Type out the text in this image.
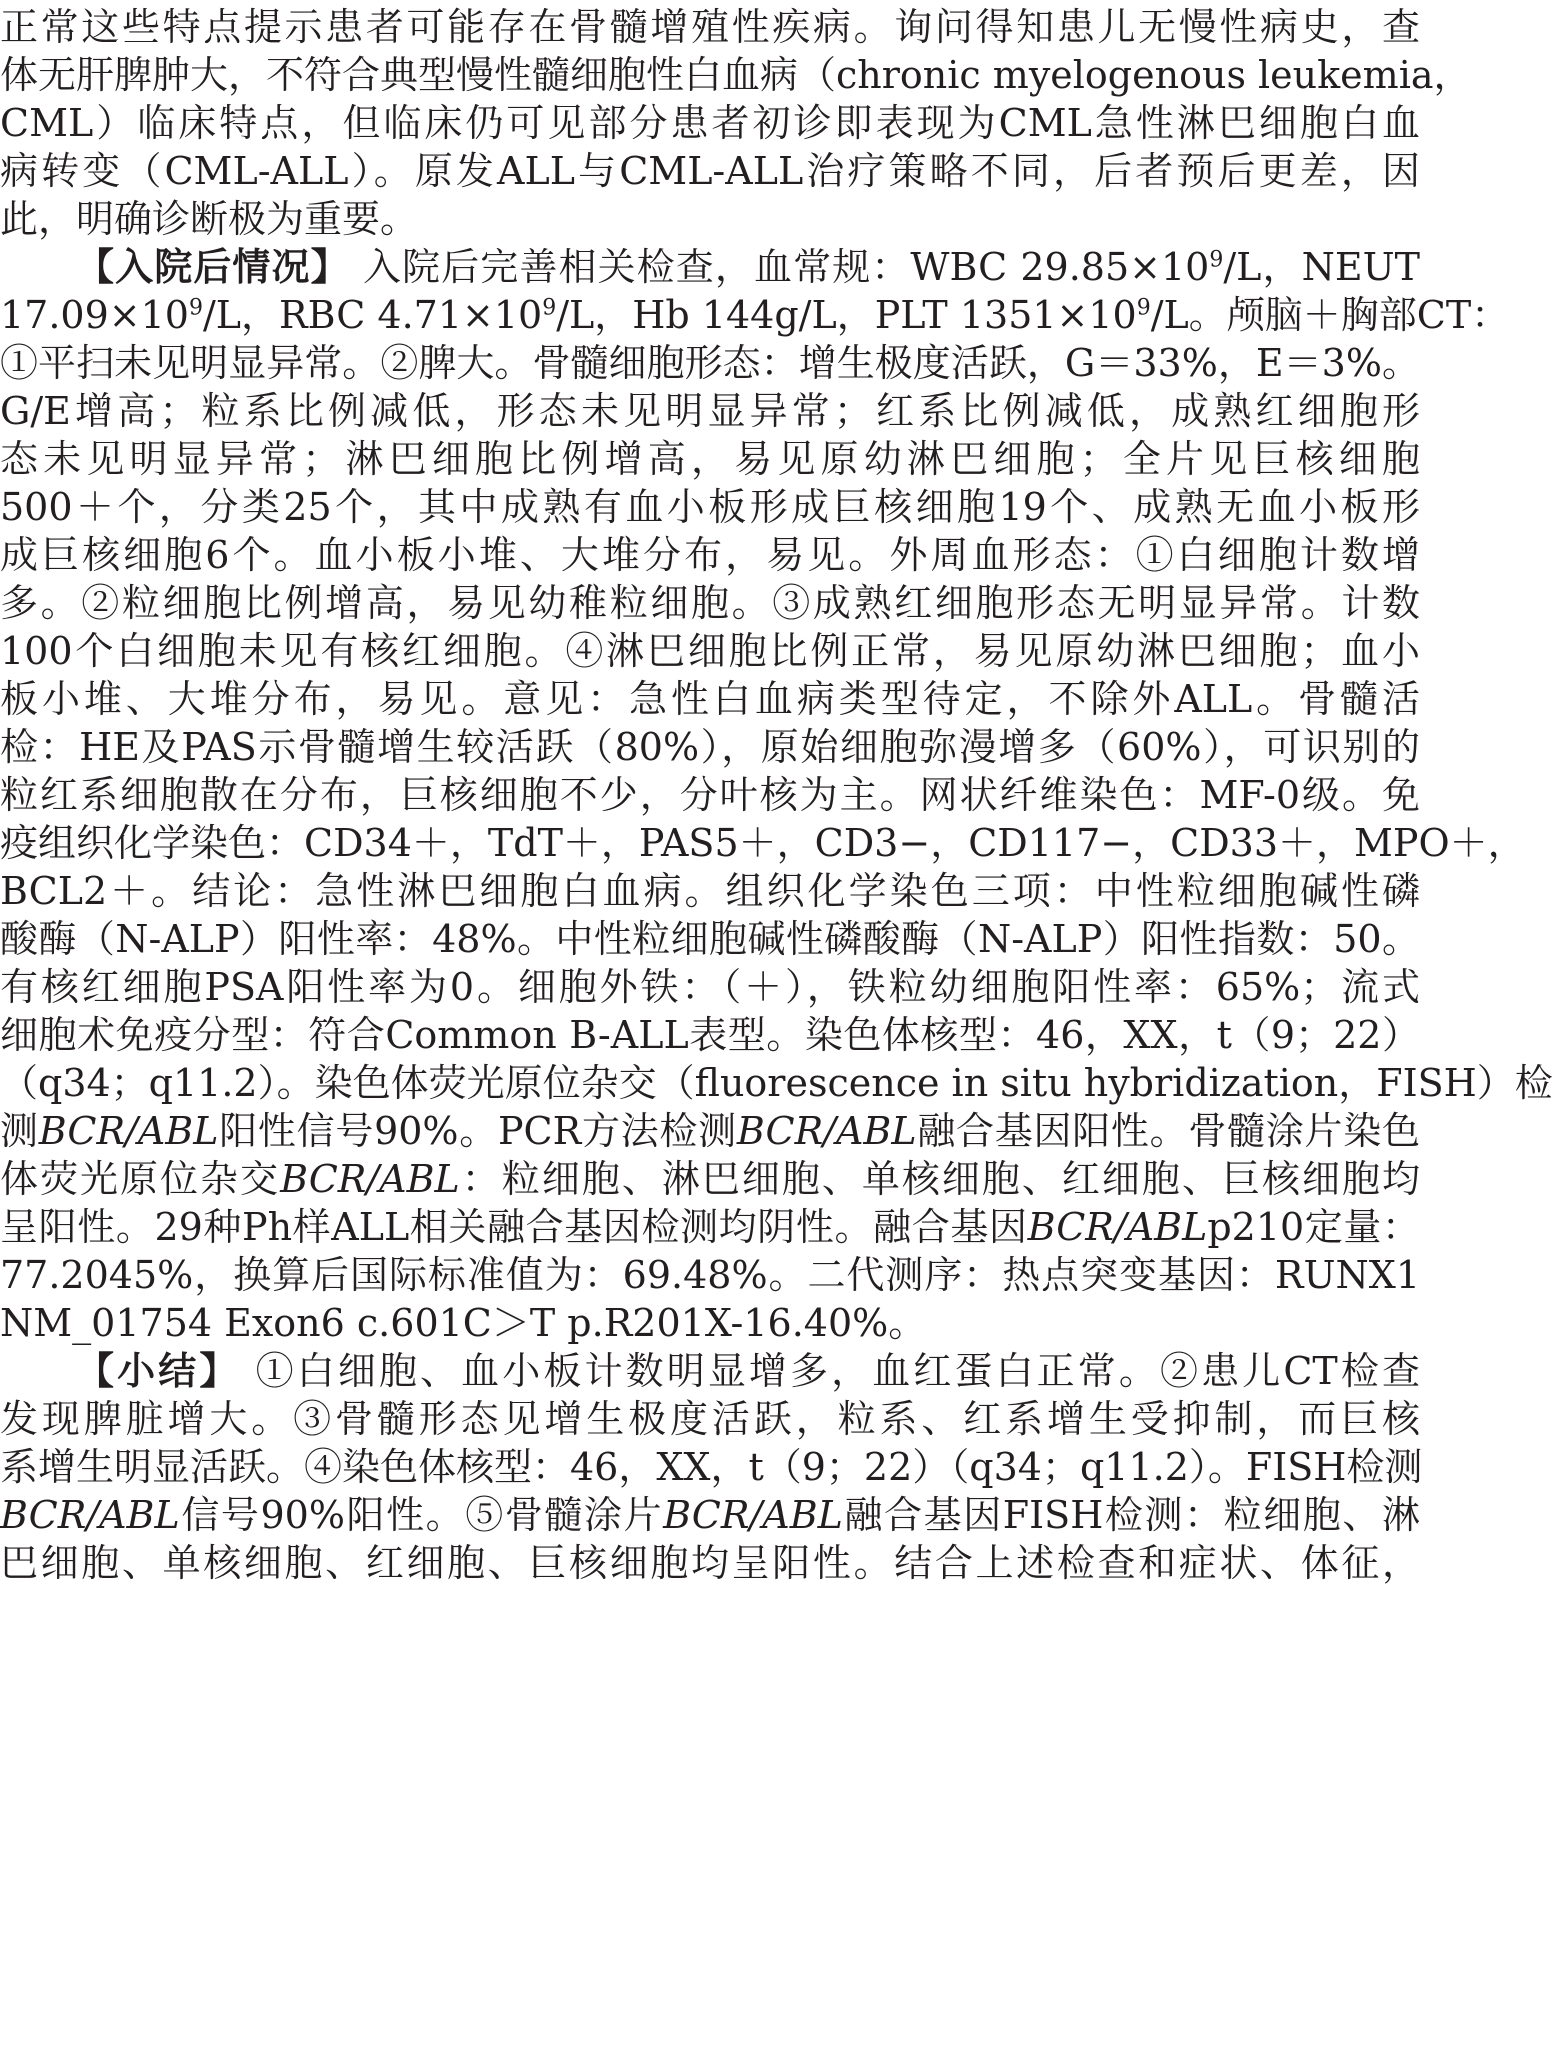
正常这些特点提示患者可能存在骨髓增殖性疾病。询问得知患儿无慢性病史，查
体无肝脾肿大，不符合典型慢性髓细胞性白血病（chronic myelogenous leukemia，
CML）临床特点，但临床仍可见部分患者初诊即表现为CML急性淋巴细胞白血
病转变（CML-ALL）。原发ALL与CML-ALL治疗策略不同，后者预后更差，因
此，明确诊断极为重要。
【入院后情况】 入院后完善相关检查，血常规：WBC $29.85\times 10^9/L$，NEUT
$17.09\times 10^9/L$，RBC $4.71\times 10^9/L$，Hb 144g/L，PLT $1351\times 10^9/L$。颅脑＋胸部CT：
①平扫未见明显异常。②脾大。骨髓细胞形态：增生极度活跃，G＝33%，E＝3%。
G/E增高；粒系比例减低，形态未见明显异常；红系比例减低，成熟红细胞形
态未见明显异常；淋巴细胞比例增高，易见原幼淋巴细胞；全片见巨核细胞
500＋个，分类25个，其中成熟有血小板形成巨核细胞19个、成熟无血小板形
成巨核细胞6个。血小板小堆、大堆分布，易见。外周血形态：①白细胞计数增
多。②粒细胞比例增高，易见幼稚粒细胞。③成熟红细胞形态无明显异常。计数
100个白细胞未见有核红细胞。④淋巴细胞比例正常，易见原幼淋巴细胞；血小
板小堆、大堆分布，易见。意见：急性白血病类型待定，不除外ALL。骨髓活
检：HE及PAS示骨髓增生较活跃（80%），原始细胞弥漫增多（60%），可识别的
粒红系细胞散在分布，巨核细胞不少，分叶核为主。网状纤维染色：MF-0级。免
疫组织化学染色：CD34＋，TdT＋，PAS5＋，CD3−，CD117−，CD33＋，MPO＋，
BCL2＋。结论：急性淋巴细胞白血病。组织化学染色三项：中性粒细胞碱性磷
酸酶（N-ALP）阳性率：48%。中性粒细胞碱性磷酸酶（N-ALP）阳性指数：50。
有核红细胞PSA阳性率为0。细胞外铁：（＋），铁粒幼细胞阳性率：65%；流式
细胞术免疫分型：符合Common B-ALL表型。染色体核型：46，XX，t（9；22）
（q34；q11.2）。染色体荧光原位杂交（fluorescence in situ hybridization，FISH）检
测BCR/ABL阳性信号90%。PCR方法检测BCR/ABL融合基因阳性。骨髓涂片染色
体荧光原位杂交BCR/ABL：粒细胞、淋巴细胞、单核细胞、红细胞、巨核细胞均
呈阳性。29种Ph样ALL相关融合基因检测均阴性。融合基因BCR/ABLp210定量：
77.2045%，换算后国际标准值为：69.48%。二代测序：热点突变基因：RUNX1
NM_01754 Exon6 c.601C＞T p.R201X-16.40%。
【小结】 ①白细胞、血小板计数明显增多，血红蛋白正常。②患儿CT检查
发现脾脏增大。③骨髓形态见增生极度活跃，粒系、红系增生受抑制，而巨核
系增生明显活跃。④染色体核型：46，XX，t（9；22）（q34；q11.2）。FISH检测
BCR/ABL信号90%阳性。⑤骨髓涂片BCR/ABL融合基因FISH检测：粒细胞、淋
巴细胞、单核细胞、红细胞、巨核细胞均呈阳性。结合上述检查和症状、体征，
